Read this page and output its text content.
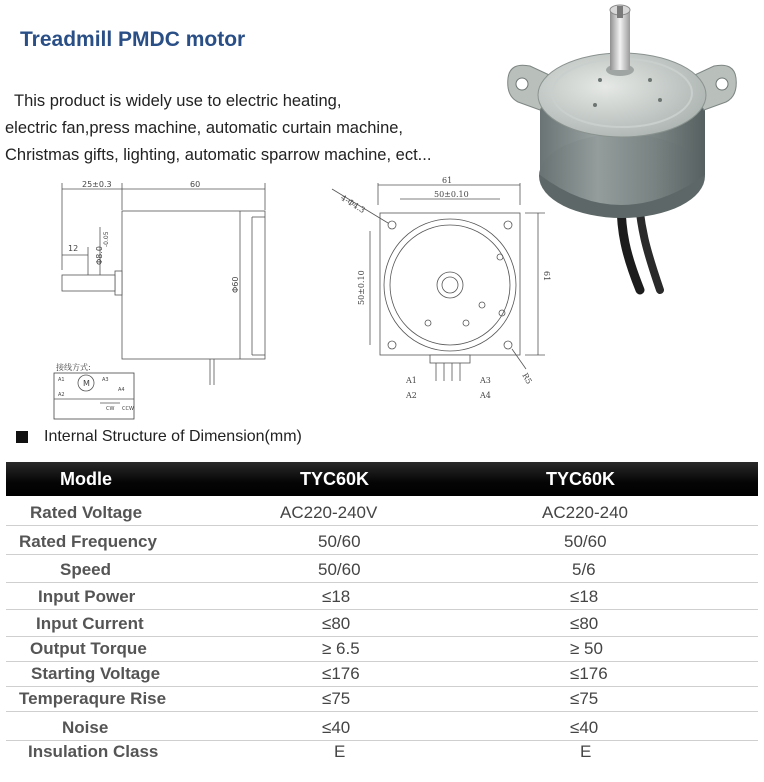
Treadmill PMDC motor
This product is widely use to electric heating,
electric fan,press machine, automatic curtain machine,
Christmas gifts, lighting, automatic sparrow machine, ect...
25±0.3	60
12 Φ8.0
-0.05
Φ60
接线方式:
M
A1
A2
A3
A4
CW CCW
61
50±0.10
4-Φ4.3
61
50±0.10
R5
A1
A2
A3
A4
Internal Structure of Dimension(mm)
Modle	TYC60K	TYC60K
Rated Voltage	AC220-240V	AC220-240
Rated Frequency	50/60	50/60
Speed	50/60	5/6
Input Power	≤18	≤18
Input Current	≤80	≤80
Output Torque	≥ 6.5	≥ 50
Starting Voltage	≤176	≤176
Temperaqure Rise	≤75	≤75
Noise	≤40	≤40
Insulation Class	E	E
